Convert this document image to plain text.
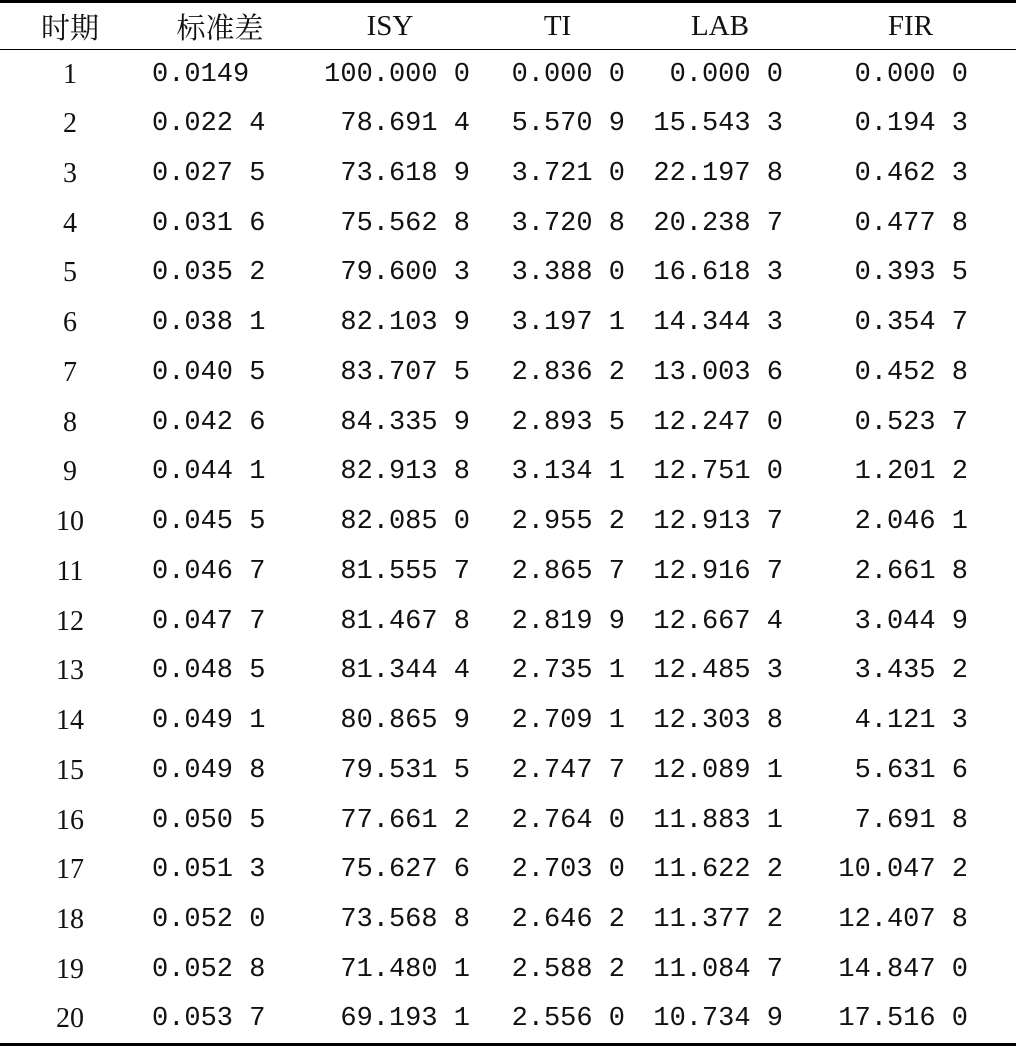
时期	标准差	ISY	TI	LAB	FIR
1	0.0149	100.000 0	0.000 0	0.000 0	0.000 0
2	0.022 4	78.691 4	5.570 9	15.543 3	0.194 3
3	0.027 5	73.618 9	3.721 0	22.197 8	0.462 3
4	0.031 6	75.562 8	3.720 8	20.238 7	0.477 8
5	0.035 2	79.600 3	3.388 0	16.618 3	0.393 5
6	0.038 1	82.103 9	3.197 1	14.344 3	0.354 7
7	0.040 5	83.707 5	2.836 2	13.003 6	0.452 8
8	0.042 6	84.335 9	2.893 5	12.247 0	0.523 7
9	0.044 1	82.913 8	3.134 1	12.751 0	1.201 2
10	0.045 5	82.085 0	2.955 2	12.913 7	2.046 1
11	0.046 7	81.555 7	2.865 7	12.916 7	2.661 8
12	0.047 7	81.467 8	2.819 9	12.667 4	3.044 9
13	0.048 5	81.344 4	2.735 1	12.485 3	3.435 2
14	0.049 1	80.865 9	2.709 1	12.303 8	4.121 3
15	0.049 8	79.531 5	2.747 7	12.089 1	5.631 6
16	0.050 5	77.661 2	2.764 0	11.883 1	7.691 8
17	0.051 3	75.627 6	2.703 0	11.622 2	10.047 2
18	0.052 0	73.568 8	2.646 2	11.377 2	12.407 8
19	0.052 8	71.480 1	2.588 2	11.084 7	14.847 0
20	0.053 7	69.193 1	2.556 0	10.734 9	17.516 0
